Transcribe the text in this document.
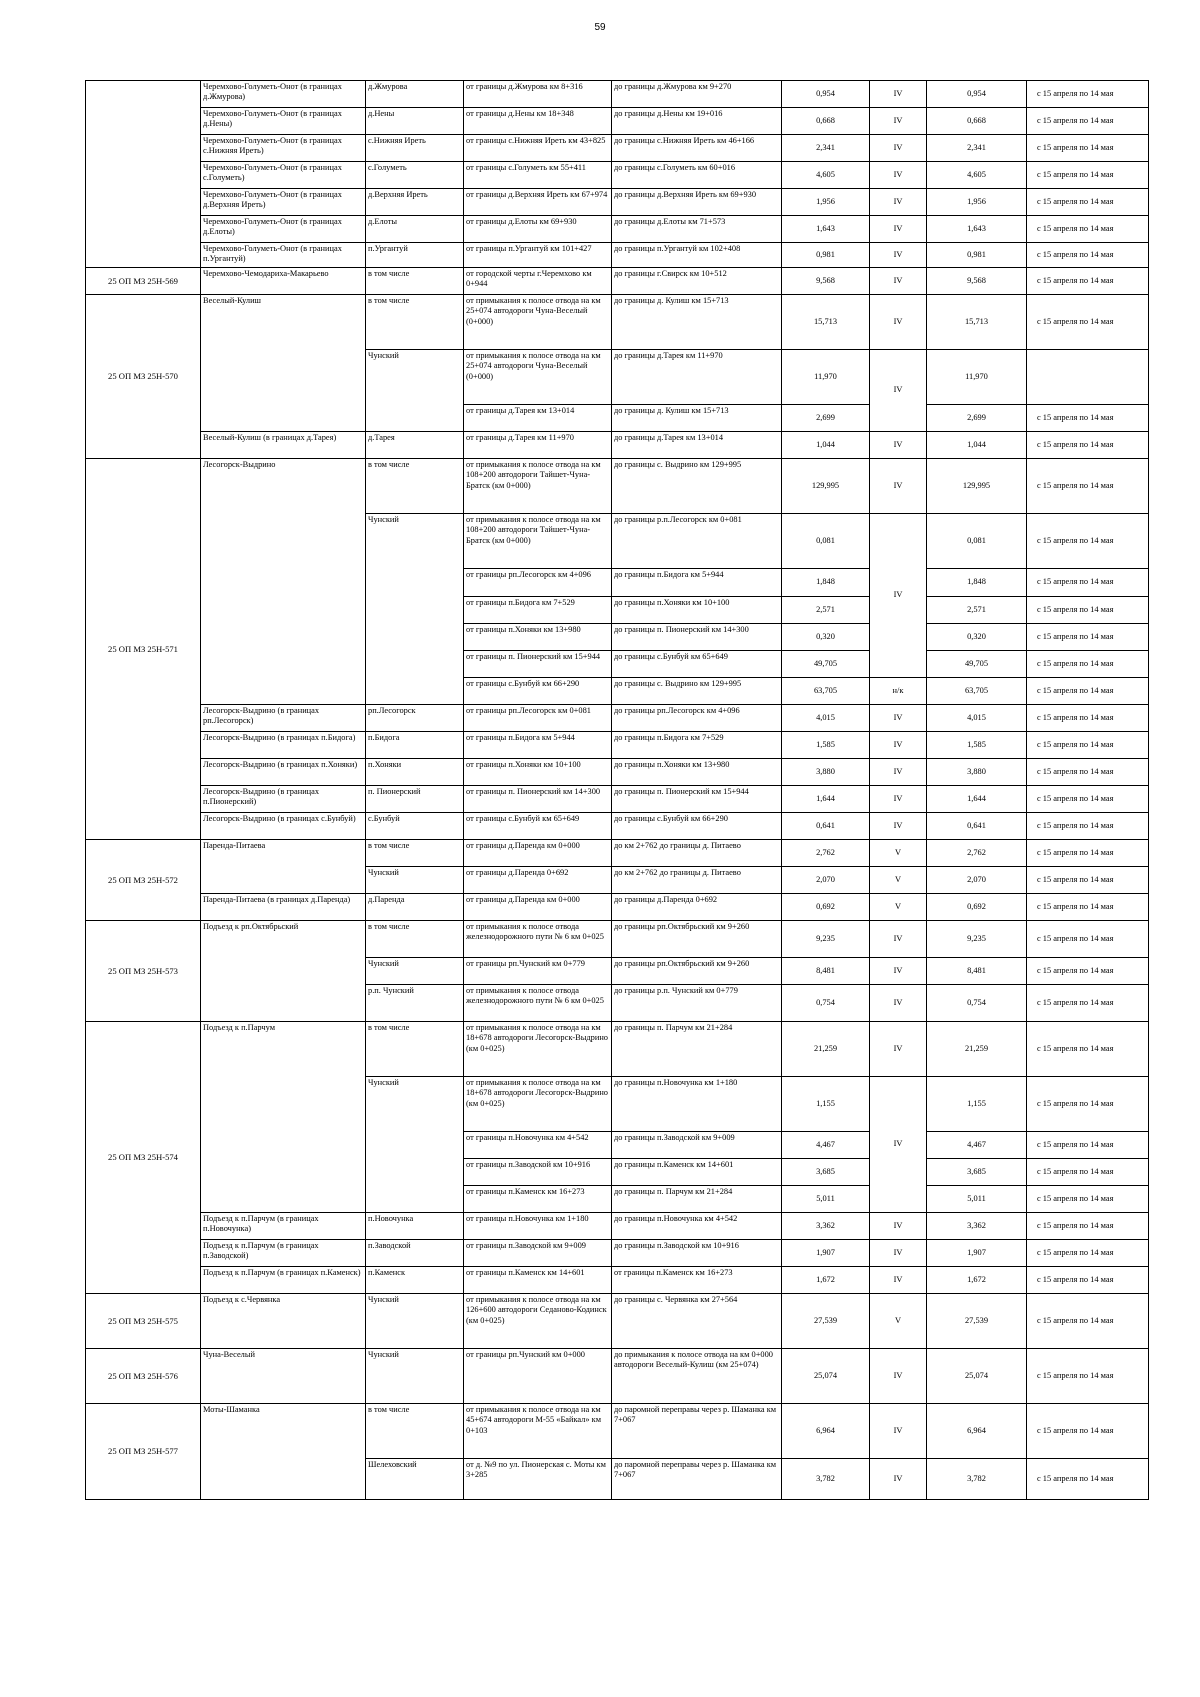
59
	Черемхово-Голуметь-Онот (в границах д.Жмурова)	д.Жмурова	от границы д.Жмурова км 8+316	до границы д.Жмурова км 9+270	0,954	IV	0,954	с 15 апреля по 14 мая
	Черемхово-Голуметь-Онот (в границах д.Нены)	д.Нены	от границы д.Нены км 18+348	до границы д.Нены км 19+016	0,668	IV	0,668	с 15 апреля по 14 мая
	Черемхово-Голуметь-Онот (в границах с.Нижняя Иреть)	с.Нижняя Иреть	от границы с.Нижняя Иреть км 43+825	до границы с.Нижняя Иреть км 46+166	2,341	IV	2,341	с 15 апреля по 14 мая
	Черемхово-Голуметь-Онот (в границах с.Голуметь)	с.Голуметь	от границы с.Голуметь км 55+411	до границы с.Голуметь км 60+016	4,605	IV	4,605	с 15 апреля по 14 мая
	Черемхово-Голуметь-Онот (в границах д.Верхняя Иреть)	д.Верхняя Иреть	от границы д.Верхняя Иреть км 67+974	до границы д.Верхняя Иреть км 69+930	1,956	IV	1,956	с 15 апреля по 14 мая
	Черемхово-Голуметь-Онот (в границах д.Елоты)	д.Елоты	от границы д.Елоты км 69+930	до границы д.Елоты км 71+573	1,643	IV	1,643	с 15 апреля по 14 мая
	Черемхово-Голуметь-Онот (в границах п.Ургантуй)	п.Ургантуй	от границы п.Ургантуй км 101+427	до границы п.Ургантуй км 102+408	0,981	IV	0,981	с 15 апреля по 14 мая
25 ОП МЗ 25Н-569	Черемхово-Чемодариха-Макарьево	в том числе	от городской черты г.Черемхово км 0+944	до границы г.Свирск км 10+512	9,568	IV	9,568	с 15 апреля по 14 мая
25 ОП МЗ 25Н-570	Веселый-Кулиш	в том числе	от примыкания к полосе отвода на км 25+074 автодороги Чуна-Веселый (0+000)	до границы д. Кулиш км 15+713	15,713	IV	15,713	с 15 апреля по 14 мая
		Чунский	от примыкания к полосе отвода на км 25+074 автодороги Чуна-Веселый (0+000)	до границы д.Тарея км 11+970	11,970	IV	11,970	
			от границы д.Тарея км 13+014	до границы д. Кулиш км 15+713	2,699		2,699	с 15 апреля по 14 мая
	Веселый-Кулиш (в границах д.Тарея)	д.Тарея	от границы д.Тарея км 11+970	до границы д.Тарея км 13+014	1,044	IV	1,044	с 15 апреля по 14 мая
25 ОП МЗ 25Н-571	Лесогорск-Выдрино	в том числе	от примыкания к полосе отвода на км 108+200 автодороги Тайшет-Чуна-Братск (км 0+000)	до границы с. Выдрино км 129+995	129,995	IV	129,995	с 15 апреля по 14 мая
		Чунский	от примыкания к полосе отвода на км 108+200 автодороги Тайшет-Чуна-Братск (км 0+000)	до границы р.п.Лесогорск км 0+081	0,081	IV	0,081	с 15 апреля по 14 мая
			от границы рп.Лесогорск км 4+096	до границы п.Бидога км 5+944	1,848		1,848	с 15 апреля по 14 мая
			от границы п.Бидога км 7+529	до границы п.Хоняки км 10+100	2,571		2,571	с 15 апреля по 14 мая
			от границы п.Хоняки км 13+980	до границы п. Пионерский км 14+300	0,320		0,320	с 15 апреля по 14 мая
			от границы п. Пионерский км 15+944	до границы с.Бунбуй км 65+649	49,705		49,705	с 15 апреля по 14 мая
			от границы с.Бунбуй км 66+290	до границы с. Выдрино км 129+995	63,705	н/к	63,705	с 15 апреля по 14 мая
	Лесогорск-Выдрино (в границах рп.Лесогорск)	рп.Лесогорск	от границы рп.Лесогорск км 0+081	до границы рп.Лесогорск км 4+096	4,015	IV	4,015	с 15 апреля по 14 мая
	Лесогорск-Выдрино (в границах п.Бидога)	п.Бидога	от границы п.Бидога км 5+944	до границы п.Бидога км 7+529	1,585	IV	1,585	с 15 апреля по 14 мая
	Лесогорск-Выдрино (в границах п.Хоняки)	п.Хоняки	от границы п.Хоняки км 10+100	до границы п.Хоняки км 13+980	3,880	IV	3,880	с 15 апреля по 14 мая
	Лесогорск-Выдрино (в границах п.Пионерский)	п. Пионерский	от границы п. Пионерский км 14+300	до границы п. Пионерский км 15+944	1,644	IV	1,644	с 15 апреля по 14 мая
	Лесогорск-Выдрино (в границах с.Бунбуй)	с.Бунбуй	от границы с.Бунбуй км 65+649	до границы с.Бунбуй км 66+290	0,641	IV	0,641	с 15 апреля по 14 мая
25 ОП МЗ 25Н-572	Паренда-Питаева	в том числе	от границы д.Паренда км 0+000	до км 2+762 до границы д. Питаево	2,762	V	2,762	с 15 апреля по 14 мая
		Чунский	от границы д.Паренда 0+692	до км 2+762 до границы д. Питаево	2,070	V	2,070	с 15 апреля по 14 мая
	Паренда-Питаева (в границах д.Паренда)	д.Паренда	от границы д.Паренда км 0+000	до границы д.Паренда 0+692	0,692	V	0,692	с 15 апреля по 14 мая
25 ОП МЗ 25Н-573	Подъезд к рп.Октябрьский	в том числе	от примыкания к полосе отвода железнодорожного пути № 6 км 0+025	до границы рп.Октябрьский км 9+260	9,235	IV	9,235	с 15 апреля по 14 мая
		Чунский	от границы рп.Чунский км 0+779	до границы рп.Октябрьский км 9+260	8,481	IV	8,481	с 15 апреля по 14 мая
		р.п. Чунский	от примыкания к полосе отвода железнодорожного пути № 6 км 0+025	до границы р.п. Чунский км 0+779	0,754	IV	0,754	с 15 апреля по 14 мая
25 ОП МЗ 25Н-574	Подъезд к п.Парчум	в том числе	от примыкания к полосе отвода на км 18+678 автодороги Лесогорск-Выдрино (км 0+025)	до границы п. Парчум км 21+284	21,259	IV	21,259	с 15 апреля по 14 мая
		Чунский	от примыкания к полосе отвода на км 18+678 автодороги Лесогорск-Выдрино (км 0+025)	до границы п.Новочунка км 1+180	1,155	IV	1,155	с 15 апреля по 14 мая
			от границы п.Новочунка км 4+542	до границы п.Заводской км 9+009	4,467		4,467	с 15 апреля по 14 мая
			от границы п.Заводской км 10+916	до границы п.Каменск км 14+601	3,685		3,685	с 15 апреля по 14 мая
			от границы п.Каменск км 16+273	до границы п. Парчум км 21+284	5,011		5,011	с 15 апреля по 14 мая
	Подъезд к п.Парчум (в границах п.Новочунка)	п.Новочунка	от границы п.Новочунка км 1+180	до границы п.Новочунка км 4+542	3,362	IV	3,362	с 15 апреля по 14 мая
	Подъезд к п.Парчум (в границах п.Заводской)	п.Заводской	от границы п.Заводской км 9+009	до границы п.Заводской км 10+916	1,907	IV	1,907	с 15 апреля по 14 мая
	Подъезд к п.Парчум (в границах п.Каменск)	п.Каменск	от границы п.Каменск км 14+601	от границы п.Каменск км 16+273	1,672	IV	1,672	с 15 апреля по 14 мая
25 ОП МЗ 25Н-575	Подъезд к с.Червянка	Чунский	от примыкания к полосе отвода на км 126+600 автодороги Седаново-Кодинск (км 0+025)	до границы с. Червянка км 27+564	27,539	V	27,539	с 15 апреля по 14 мая
25 ОП МЗ 25Н-576	Чуна-Веселый	Чунский	от границы рп.Чунский км 0+000	до примыкания к полосе отвода на км 0+000 автодороги Веселый-Кулиш (км 25+074)	25,074	IV	25,074	с 15 апреля по 14 мая
25 ОП МЗ 25Н-577	Моты-Шаманка	в том числе	от примыкания к полосе отвода на км 45+674 автодороги М-55 «Байкал» км 0+103	до паромной переправы через р. Шаманка км 7+067	6,964	IV	6,964	с 15 апреля по 14 мая
		Шелеховский	от д. №9 по ул. Пионерская с. Моты км 3+285	до паромной переправы через р. Шаманка км 7+067	3,782	IV	3,782	с 15 апреля по 14 мая
